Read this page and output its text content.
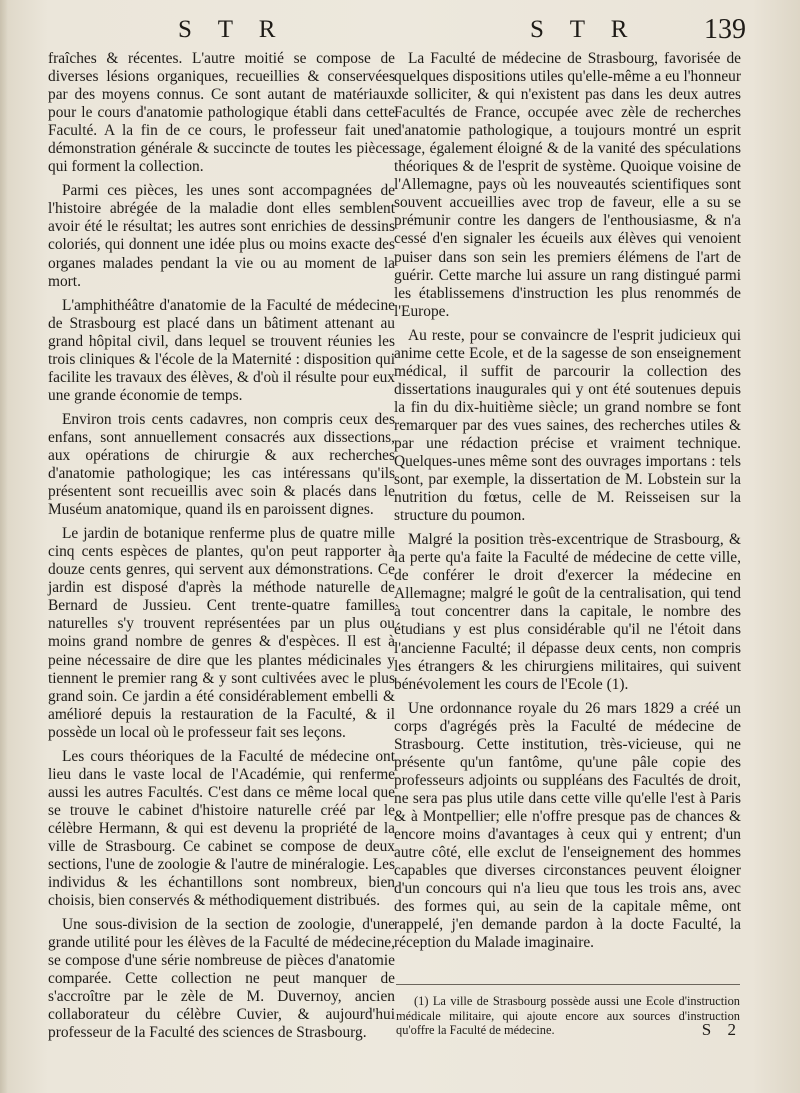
S T R	S T R 139

fraîches & récentes. L'autre moitié se compose de diverses lésions organiques, recueillies & conservées par des moyens connus. Ce sont autant de matériaux pour le cours d'anatomie pathologique établi dans cette Faculté. A la fin de ce cours, le professeur fait une démonstration générale & succincte de toutes les pièces qui forment la collection.

Parmi ces pièces, les unes sont accompagnées de l'histoire abrégée de la maladie dont elles semblent avoir été le résultat; les autres sont enrichies de dessins coloriés, qui donnent une idée plus ou moins exacte des organes malades pendant la vie ou au moment de la mort.

L'amphithéâtre d'anatomie de la Faculté de médecine de Strasbourg est placé dans un bâtiment attenant au grand hôpital civil, dans lequel se trouvent réunies les trois cliniques & l'école de la Maternité : disposition qui facilite les travaux des élèves, & d'où il résulte pour eux une grande économie de temps.

Environ trois cents cadavres, non compris ceux des enfans, sont annuellement consacrés aux dissections, aux opérations de chirurgie & aux recherches d'anatomie pathologique; les cas intéressans qu'ils présentent sont recueillis avec soin & placés dans le Muséum anatomique, quand ils en paroissent dignes.

Le jardin de botanique renferme plus de quatre mille cinq cents espèces de plantes, qu'on peut rapporter à douze cents genres, qui servent aux démonstrations. Ce jardin est disposé d'après la méthode naturelle de Bernard de Jussieu. Cent trente-quatre familles naturelles s'y trouvent représentées par un plus ou moins grand nombre de genres & d'espèces. Il est à peine nécessaire de dire que les plantes médicinales y tiennent le premier rang & y sont cultivées avec le plus grand soin. Ce jardin a été considérablement embelli & amélioré depuis la restauration de la Faculté, & il possède un local où le professeur fait ses leçons.

Les cours théoriques de la Faculté de médecine ont lieu dans le vaste local de l'Académie, qui renferme aussi les autres Facultés. C'est dans ce même local que se trouve le cabinet d'histoire naturelle créé par le célèbre Hermann, & qui est devenu la propriété de la ville de Strasbourg. Ce cabinet se compose de deux sections, l'une de zoologie & l'autre de minéralogie. Les individus & les échantillons sont nombreux, bien choisis, bien conservés & méthodiquement distribués.

Une sous-division de la section de zoologie, d'une grande utilité pour les élèves de la Faculté de médecine, se compose d'une série nombreuse de pièces d'anatomie comparée. Cette collection ne peut manquer de s'accroître par le zèle de M. Duvernoy, ancien collaborateur du célèbre Cuvier, & aujourd'hui professeur de la Faculté des sciences de Strasbourg.

La Faculté de médecine de Strasbourg, favorisée de quelques dispositions utiles qu'elle-même a eu l'honneur de solliciter, & qui n'existent pas dans les deux autres Facultés de France, occupée avec zèle de recherches d'anatomie pathologique, a toujours montré un esprit sage, également éloigné & de la vanité des spéculations théoriques & de l'esprit de système. Quoique voisine de l'Allemagne, pays où les nouveautés scientifiques sont souvent accueillies avec trop de faveur, elle a su se prémunir contre les dangers de l'enthousiasme, & n'a cessé d'en signaler les écueils aux élèves qui venoient puiser dans son sein les premiers élémens de l'art de guérir. Cette marche lui assure un rang distingué parmi les établissemens d'instruction les plus renommés de l'Europe.

Au reste, pour se convaincre de l'esprit judicieux qui anime cette Ecole, et de la sagesse de son enseignement médical, il suffit de parcourir la collection des dissertations inaugurales qui y ont été soutenues depuis la fin du dix-huitième siècle; un grand nombre se font remarquer par des vues saines, des recherches utiles & par une rédaction précise et vraiment technique. Quelques-unes même sont des ouvrages importans : tels sont, par exemple, la dissertation de M. Lobstein sur la nutrition du fœtus, celle de M. Reisseisen sur la structure du poumon.

Malgré la position très-excentrique de Strasbourg, & la perte qu'a faite la Faculté de médecine de cette ville, de conférer le droit d'exercer la médecine en Allemagne; malgré le goût de la centralisation, qui tend à tout concentrer dans la capitale, le nombre des étudians y est plus considérable qu'il ne l'étoit dans l'ancienne Faculté; il dépasse deux cents, non compris les étrangers & les chirurgiens militaires, qui suivent bénévolement les cours de l'Ecole (1).

Une ordonnance royale du 26 mars 1829 a créé un corps d'agrégés près la Faculté de médecine de Strasbourg. Cette institution, très-vicieuse, qui ne présente qu'un fantôme, qu'une pâle copie des professeurs adjoints ou suppléans des Facultés de droit, ne sera pas plus utile dans cette ville qu'elle l'est à Paris & à Montpellier; elle n'offre presque pas de chances & encore moins d'avantages à ceux qui y entrent; d'un autre côté, elle exclut de l'enseignement des hommes capables que diverses circonstances peuvent éloigner d'un concours qui n'a lieu que tous les trois ans, avec des formes qui, au sein de la capitale même, ont rappelé, j'en demande pardon à la docte Faculté, la réception du Malade imaginaire.

(1) La ville de Strasbourg possède aussi une Ecole d'instruction médicale militaire, qui ajoute encore aux sources d'instruction qu'offre la Faculté de médecine.	S 2
